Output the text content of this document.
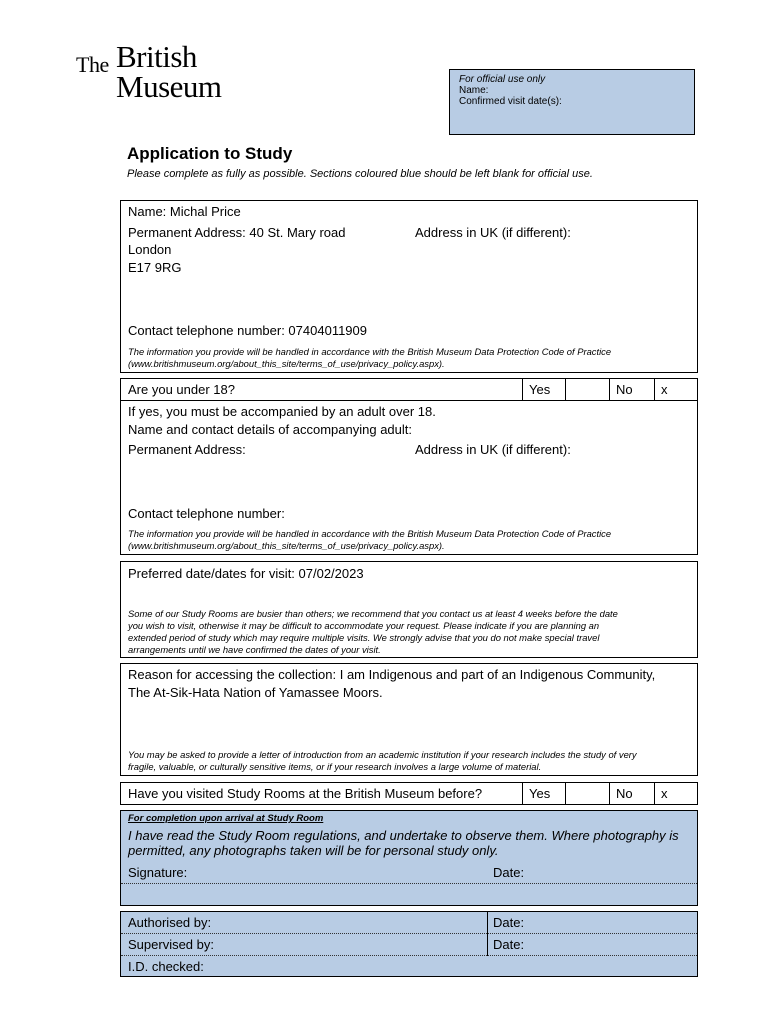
The British
Museum	For official use only
Name:
Confirmed visit date(s):
Application to Study
Please complete as fully as possible. Sections coloured blue should be left blank for official use.
Name: Michal Price
Permanent Address: 40 St. Mary road
London
E17 9RG
Address in UK (if different):
Contact telephone number: 07404011909
The information you provide will be handled in accordance with the British Museum Data Protection Code of Practice
(www.britishmuseum.org/about_this_site/terms_of_use/privacy_policy.aspx).
Are you under 18?	Yes	No x
If yes, you must be accompanied by an adult over 18.
Name and contact details of accompanying adult:
Permanent Address:	Address in UK (if different):
Contact telephone number:
The information you provide will be handled in accordance with the British Museum Data Protection Code of Practice
(www.britishmuseum.org/about_this_site/terms_of_use/privacy_policy.aspx).
Preferred date/dates for visit: 07/02/2023
Some of our Study Rooms are busier than others; we recommend that you contact us at least 4 weeks before the date
you wish to visit, otherwise it may be difficult to accommodate your request. Please indicate if you are planning an
extended period of study which may require multiple visits. We strongly advise that you do not make special travel
arrangements until we have confirmed the dates of your visit.
Reason for accessing the collection: I am Indigenous and part of an Indigenous Community,
The At-Sik-Hata Nation of Yamassee Moors.
You may be asked to provide a letter of introduction from an academic institution if your research includes the study of very
fragile, valuable, or culturally sensitive items, or if your research involves a large volume of material.
Have you visited Study Rooms at the British Museum before?	Yes	No x
For completion upon arrival at Study Room
I have read the Study Room regulations, and undertake to observe them. Where photography is
permitted, any photographs taken will be for personal study only.
Signature:	Date:
Authorised by:	Date:
Supervised by:	Date:
I.D. checked:
